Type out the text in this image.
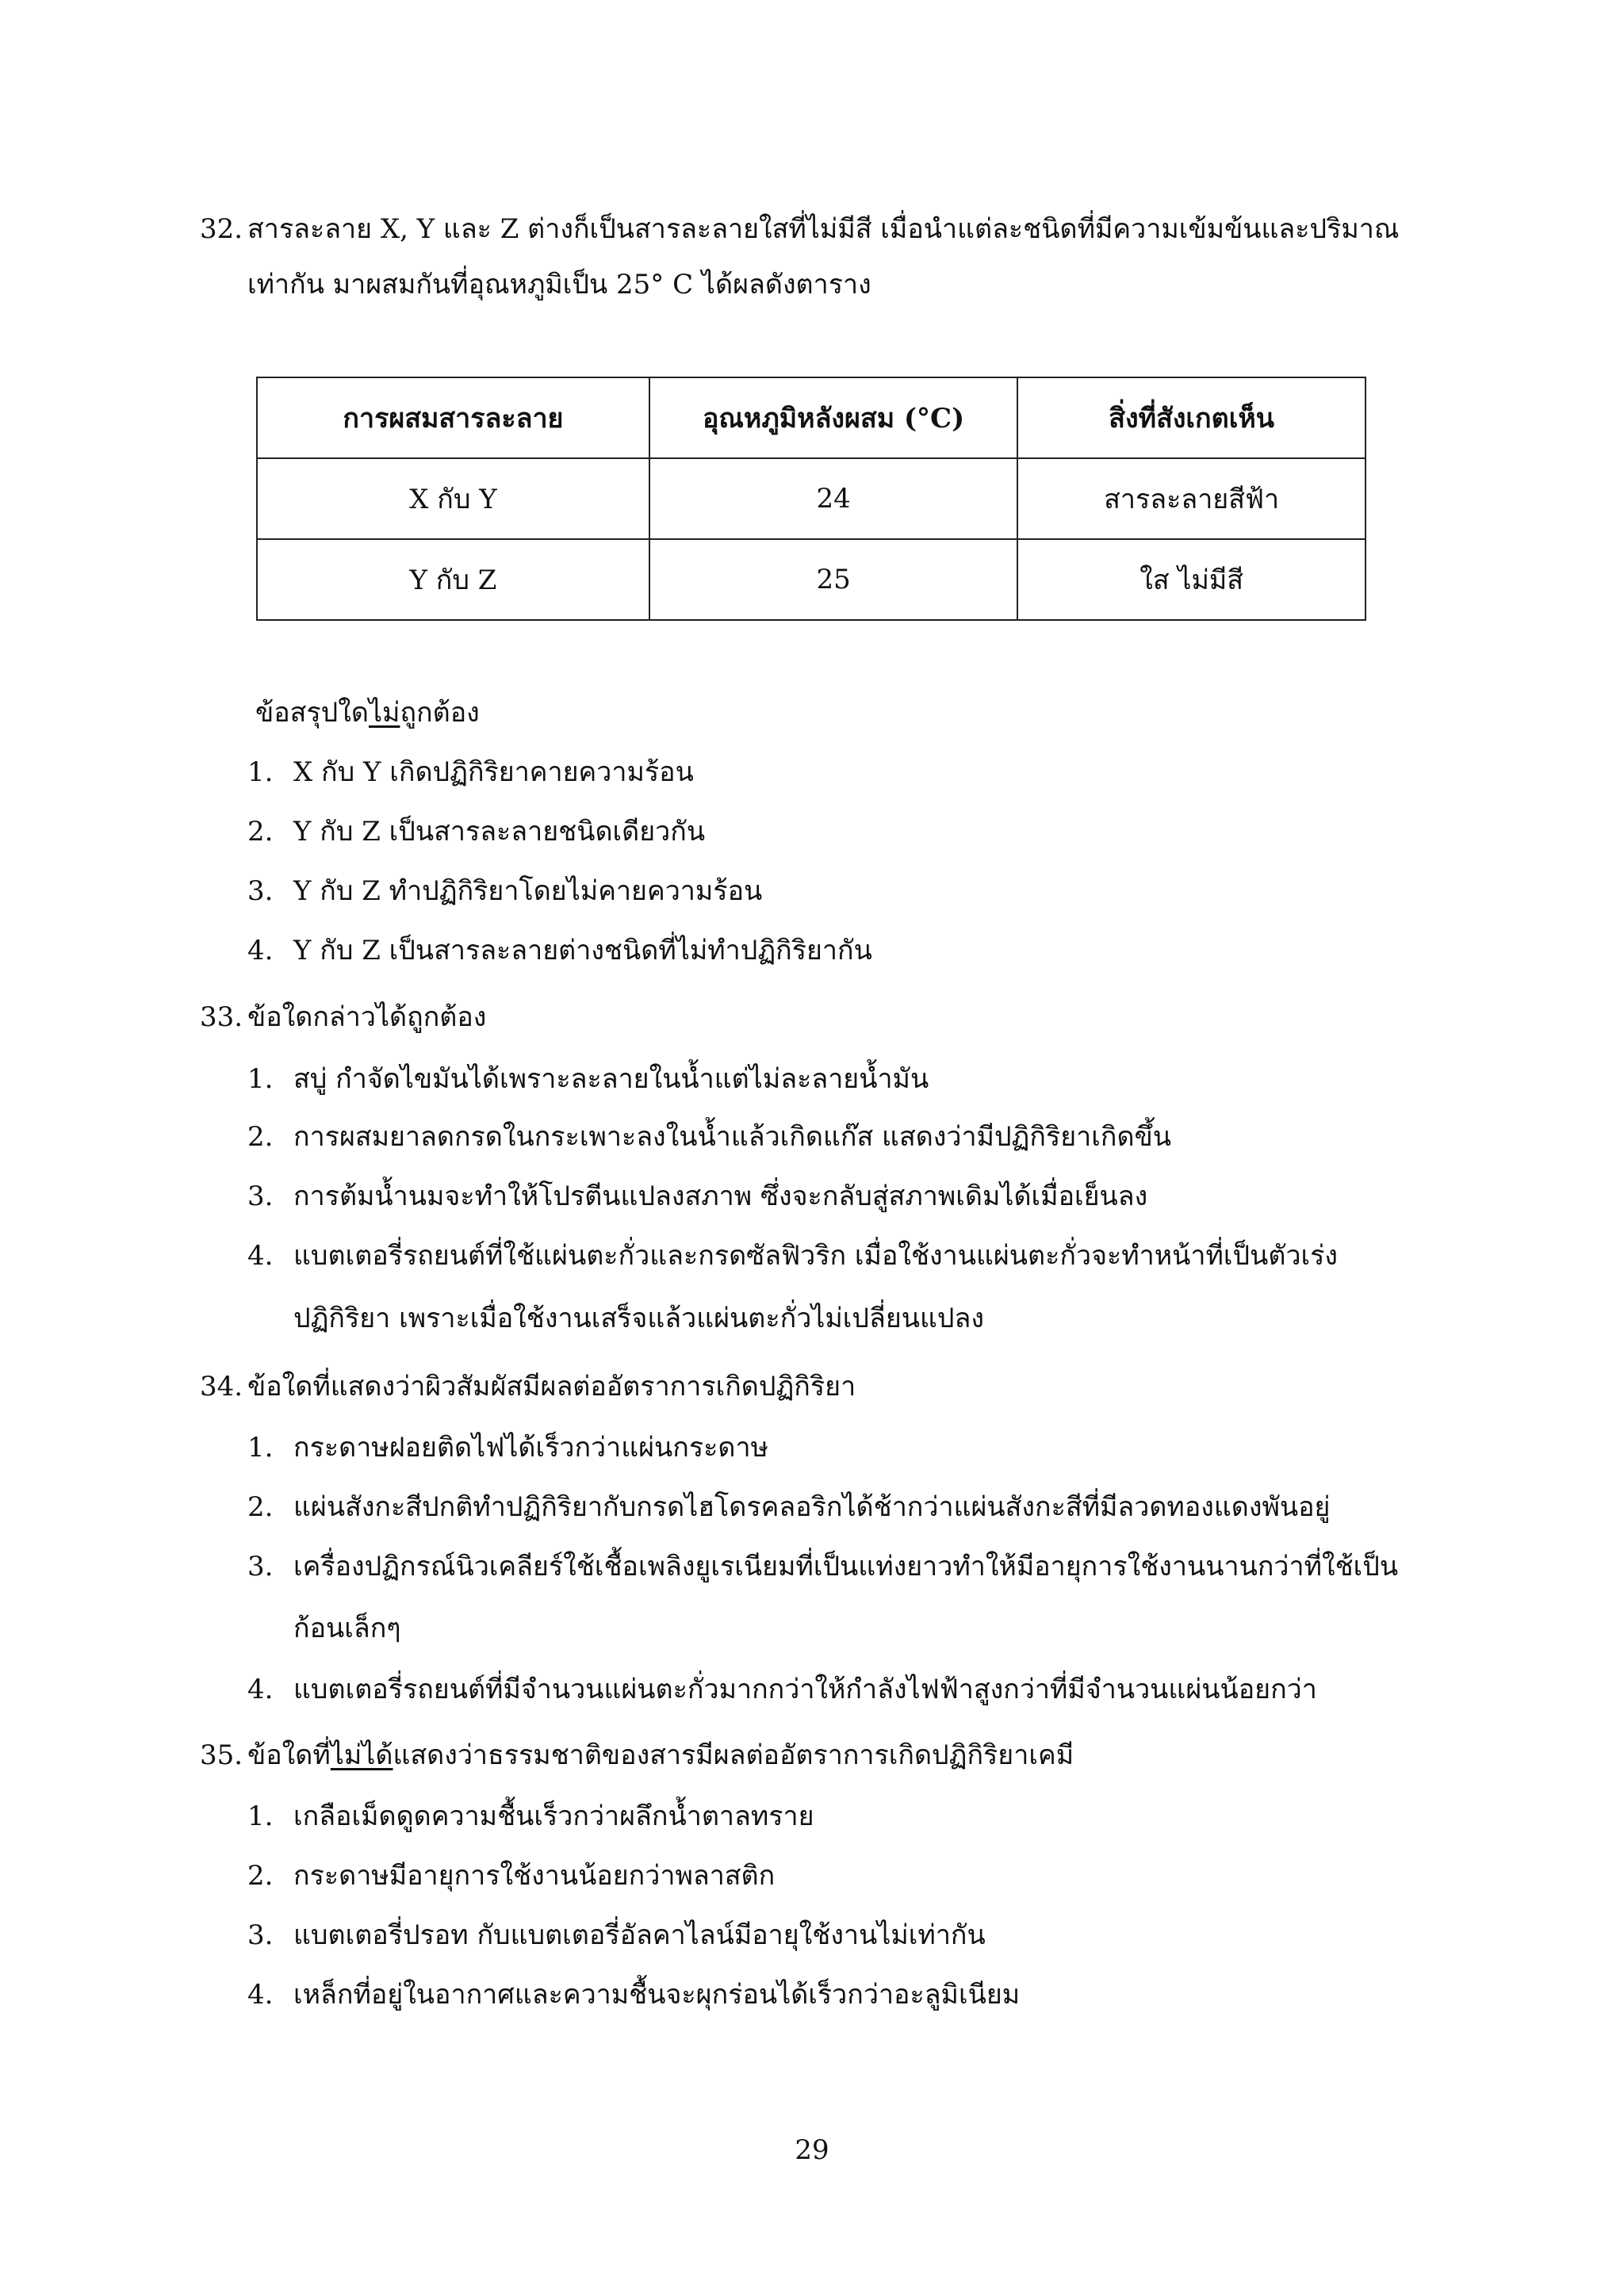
32. สารละลาย X, Y และ Z ต่างก็เป็นสารละลายใสที่ไม่มีสี เมื่อนำแต่ละชนิดที่มีความเข้มข้นและปริมาณ
เท่ากัน มาผสมกันที่อุณหภูมิเป็น 25° C ได้ผลดังตาราง
การผสมสารละลาย	อุณหภูมิหลังผสม (°C)	สิ่งที่สังเกตเห็น
X กับ Y	24	สารละลายสีฟ้า
Y กับ Z	25	ใส ไม่มีสี
ข้อสรุปใดไม่ถูกต้อง
1. X กับ Y เกิดปฏิกิริยาคายความร้อน
2. Y กับ Z เป็นสารละลายชนิดเดียวกัน
3. Y กับ Z ทำปฏิกิริยาโดยไม่คายความร้อน
4. Y กับ Z เป็นสารละลายต่างชนิดที่ไม่ทำปฏิกิริยากัน
33. ข้อใดกล่าวได้ถูกต้อง
1. สบู่ กำจัดไขมันได้เพราะละลายในน้ำแต่ไม่ละลายน้ำมัน
2. การผสมยาลดกรดในกระเพาะลงในน้ำแล้วเกิดแก๊ส แสดงว่ามีปฏิกิริยาเกิดขึ้น
3. การต้มน้ำนมจะทำให้โปรตีนแปลงสภาพ ซึ่งจะกลับสู่สภาพเดิมได้เมื่อเย็นลง
4. แบตเตอรี่รถยนต์ที่ใช้แผ่นตะกั่วและกรดซัลฟิวริก เมื่อใช้งานแผ่นตะกั่วจะทำหน้าที่เป็นตัวเร่ง
ปฏิกิริยา เพราะเมื่อใช้งานเสร็จแล้วแผ่นตะกั่วไม่เปลี่ยนแปลง
34. ข้อใดที่แสดงว่าผิวสัมผัสมีผลต่ออัตราการเกิดปฏิกิริยา
1. กระดาษฝอยติดไฟได้เร็วกว่าแผ่นกระดาษ
2. แผ่นสังกะสีปกติทำปฏิกิริยากับกรดไฮโดรคลอริกได้ช้ากว่าแผ่นสังกะสีที่มีลวดทองแดงพันอยู่
3. เครื่องปฏิกรณ์นิวเคลียร์ใช้เชื้อเพลิงยูเรเนียมที่เป็นแท่งยาวทำให้มีอายุการใช้งานนานกว่าที่ใช้เป็น
ก้อนเล็กๆ
4. แบตเตอรี่รถยนต์ที่มีจำนวนแผ่นตะกั่วมากกว่าให้กำลังไฟฟ้าสูงกว่าที่มีจำนวนแผ่นน้อยกว่า
35. ข้อใดที่ไม่ได้แสดงว่าธรรมชาติของสารมีผลต่ออัตราการเกิดปฏิกิริยาเคมี
1. เกลือเม็ดดูดความชื้นเร็วกว่าผลึกน้ำตาลทราย
2. กระดาษมีอายุการใช้งานน้อยกว่าพลาสติก
3. แบตเตอรี่ปรอท กับแบตเตอรี่อัลคาไลน์มีอายุใช้งานไม่เท่ากัน
4. เหล็กที่อยู่ในอากาศและความชื้นจะผุกร่อนได้เร็วกว่าอะลูมิเนียม
29
